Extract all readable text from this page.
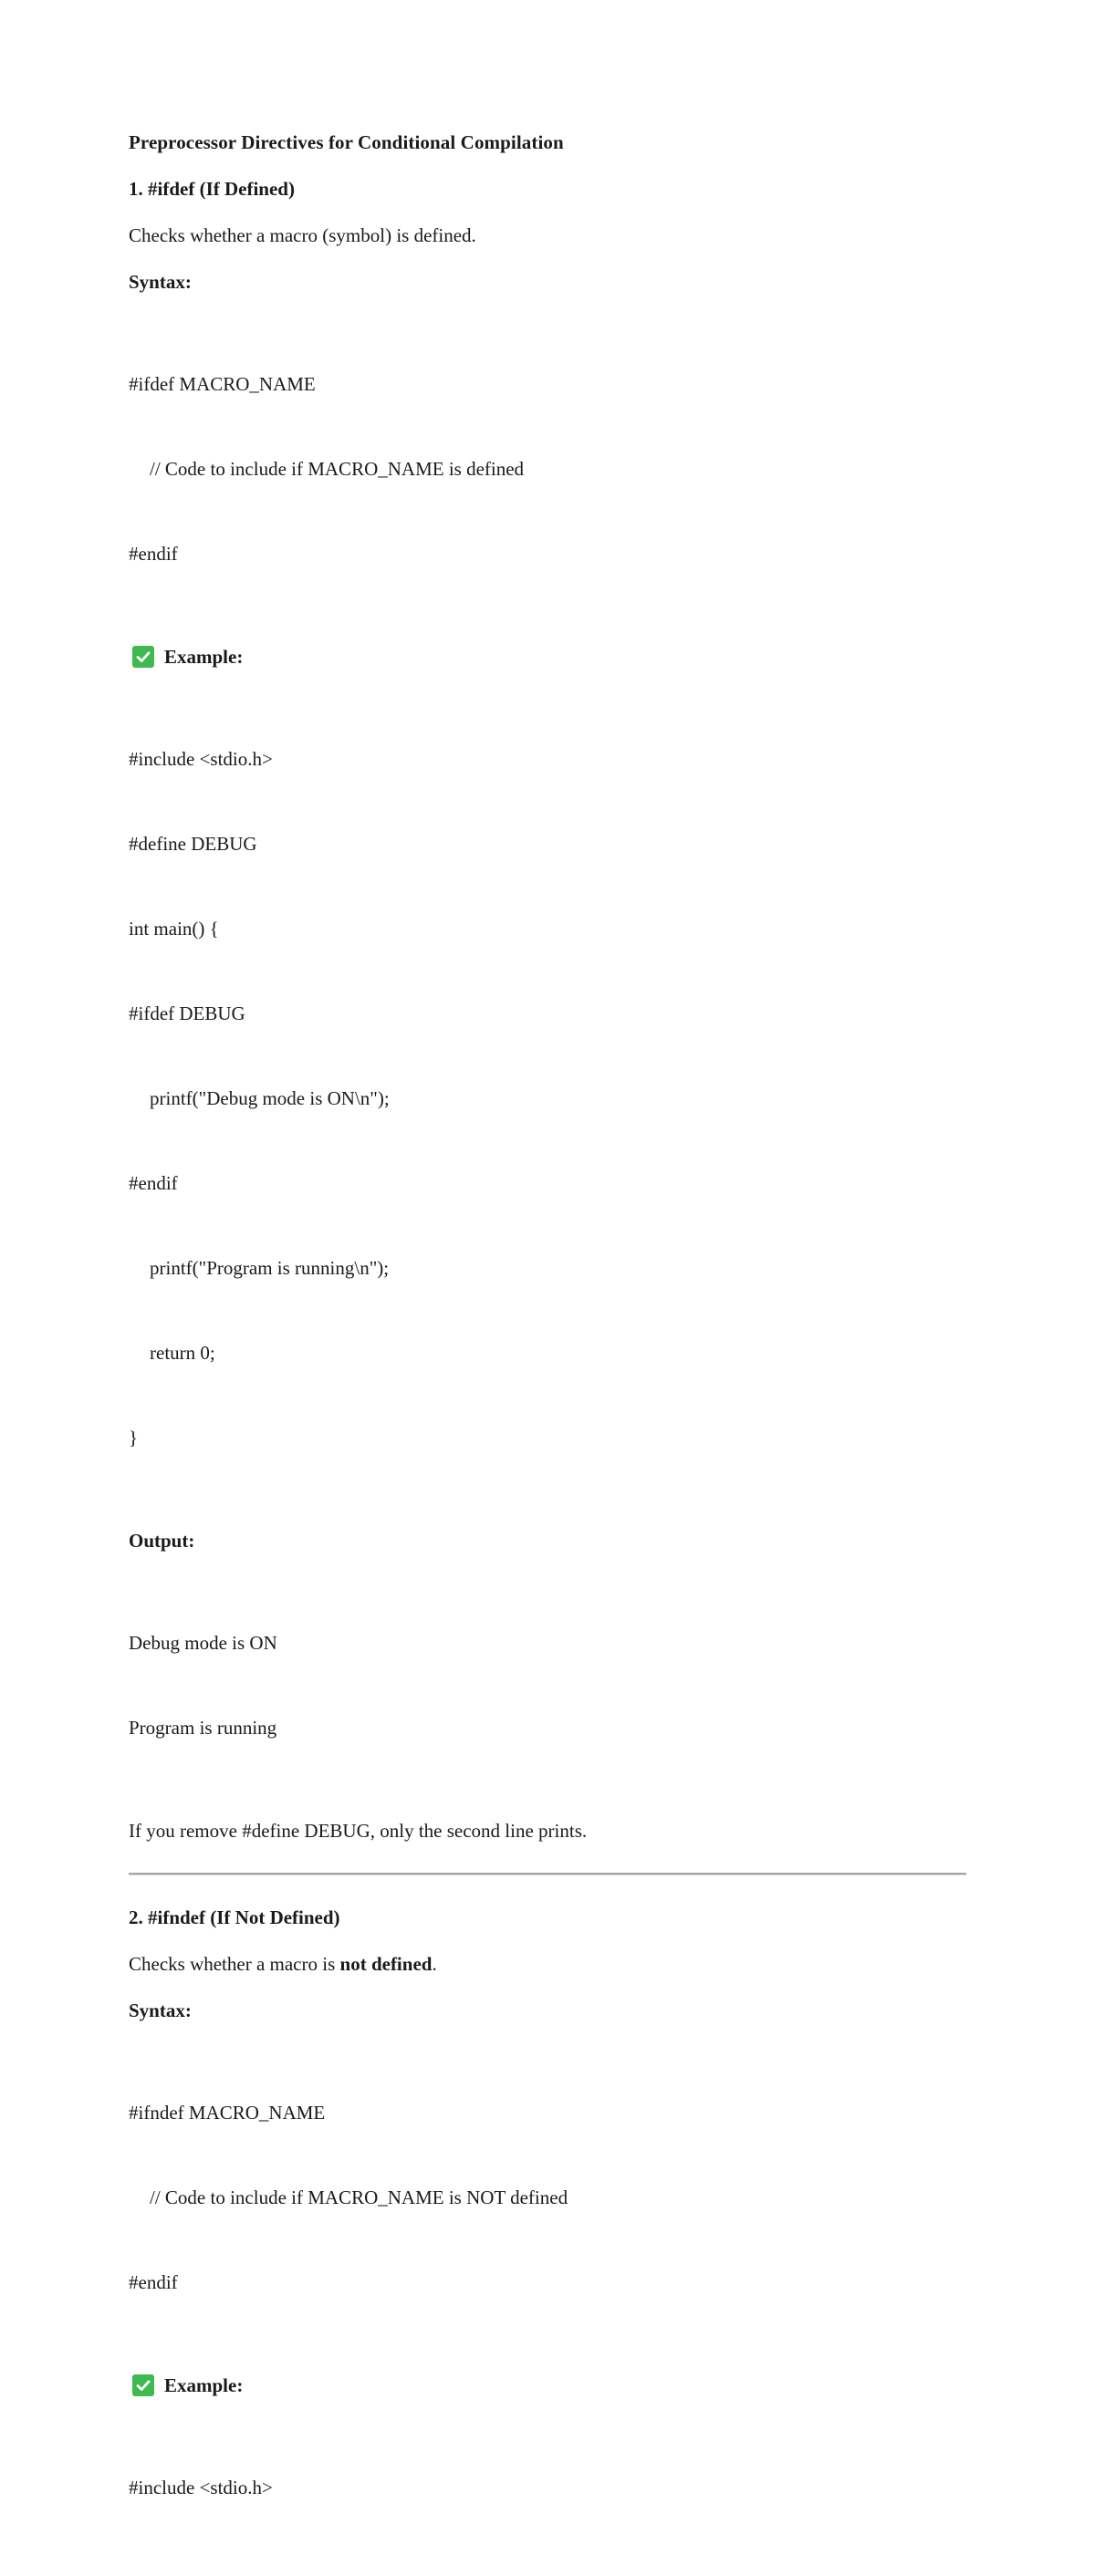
Preprocessor Directives for Conditional Compilation
1. #ifdef (If Defined)
Checks whether a macro (symbol) is defined.
Syntax:

#ifdef MACRO_NAME

// Code to include if MACRO_NAME is defined

#endif

Example:

#include <stdio.h>

#define DEBUG

int main() {

#ifdef DEBUG

printf("Debug mode is ON\n");

#endif

printf("Program is running\n");

return 0;

}

Output:

Debug mode is ON

Program is running

If you remove #define DEBUG, only the second line prints.
2. #ifndef (If Not Defined)
Checks whether a macro is not defined.
Syntax:

#ifndef MACRO_NAME

// Code to include if MACRO_NAME is NOT defined

#endif

Example:

#include <stdio.h>
